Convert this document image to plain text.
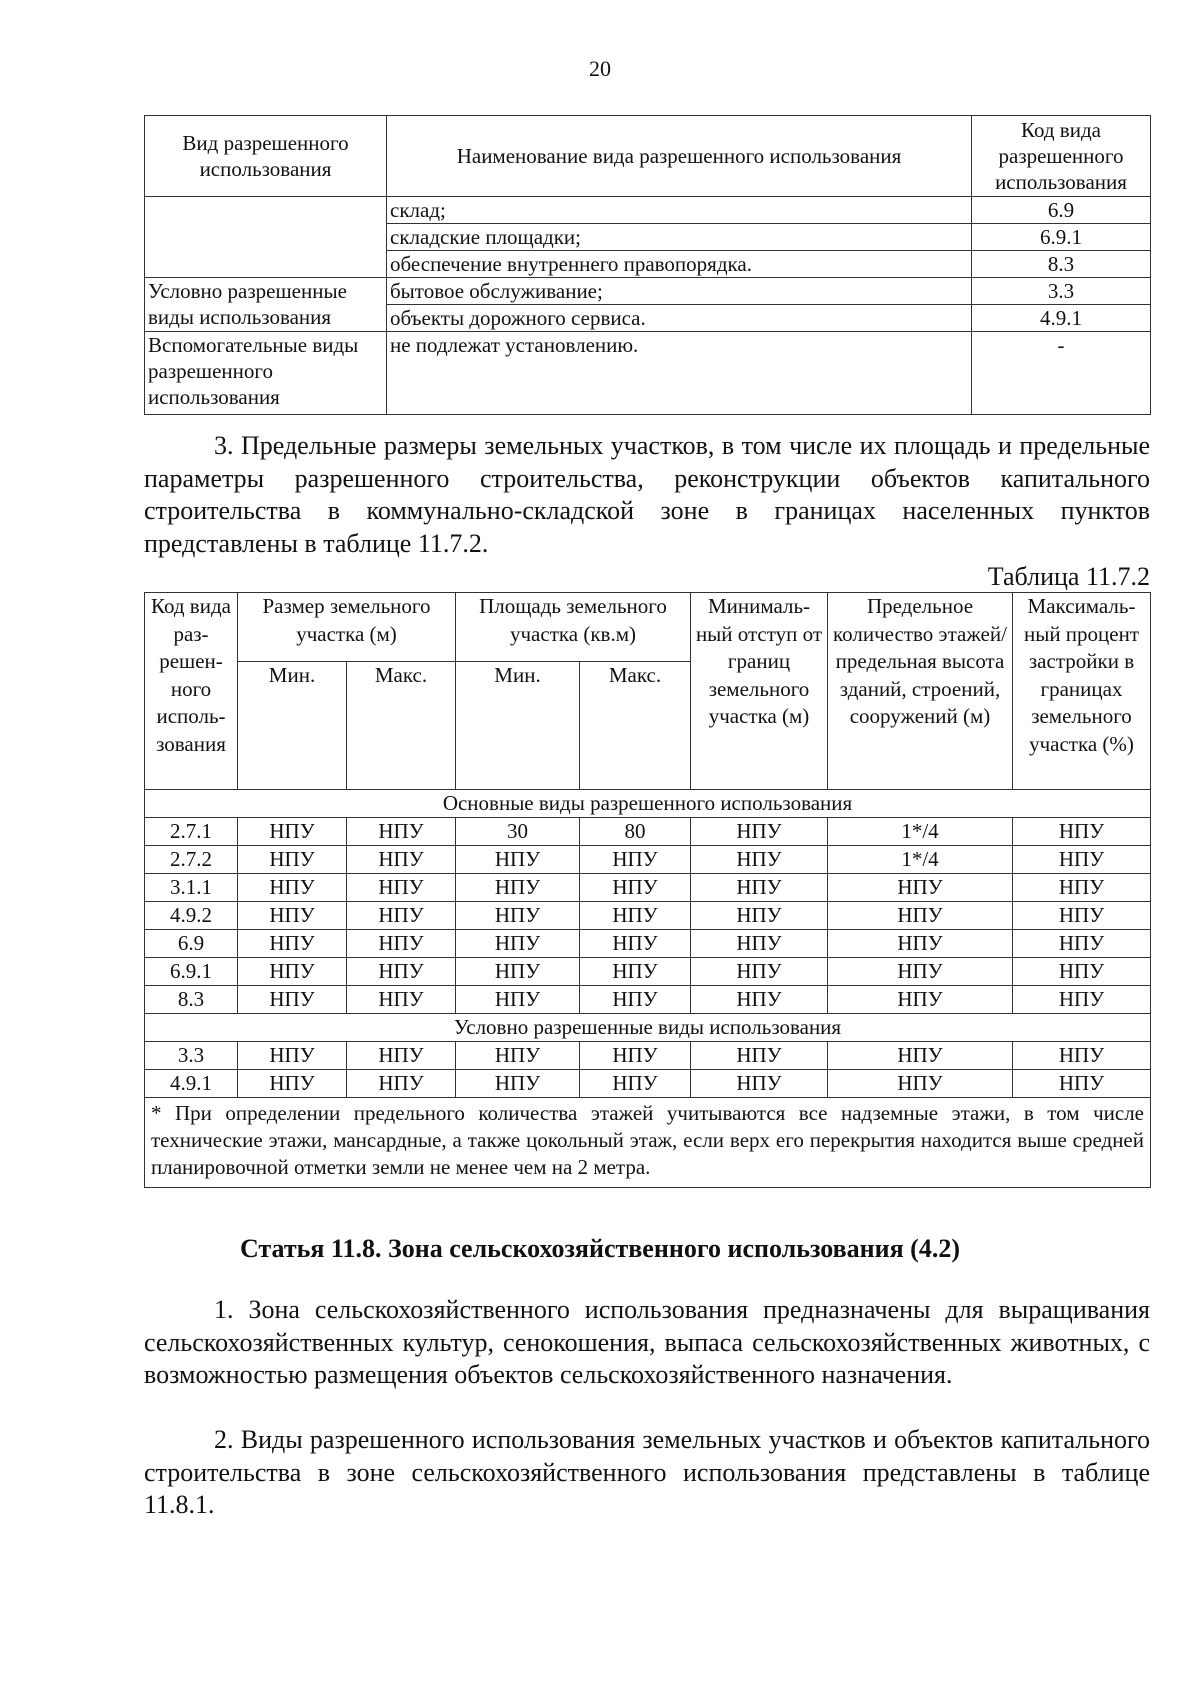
20
Вид разрешенного использования	Наименование вида разрешенного использования	Код вида разрешенного использования
	склад;	6.9
	складские площадки;	6.9.1
	обеспечение внутреннего правопорядка.	8.3
Условно разрешенные виды использования	бытовое обслуживание;	3.3
	объекты дорожного сервиса.	4.9.1
Вспомогательные виды разрешенного использования	не подлежат установлению.	-
3. Предельные размеры земельных участков, в том числе их площадь и предельные параметры разрешенного строительства, реконструкции объектов капитального строительства в коммунально-складской зоне в границах населенных пунктов представлены в таблице 11.7.2.
Таблица 11.7.2
Код вида раз-решен-ного исполь-зования	Размер земельного участка (м)		Площадь земельного участка (кв.м)		Минималь-ный отступ от границ земельного участка (м)	Предельное количество этажей/ предельная высота зданий, строений, сооружений (м)	Максималь-ный процент застройки в границах земельного участка (%)
	Мин.	Макс.	Мин.	Макс.			
Основные виды разрешенного использования							
2.7.1	НПУ	НПУ	30	80	НПУ	1*/4	НПУ
2.7.2	НПУ	НПУ	НПУ	НПУ	НПУ	1*/4	НПУ
3.1.1	НПУ	НПУ	НПУ	НПУ	НПУ	НПУ	НПУ
4.9.2	НПУ	НПУ	НПУ	НПУ	НПУ	НПУ	НПУ
6.9	НПУ	НПУ	НПУ	НПУ	НПУ	НПУ	НПУ
6.9.1	НПУ	НПУ	НПУ	НПУ	НПУ	НПУ	НПУ
8.3	НПУ	НПУ	НПУ	НПУ	НПУ	НПУ	НПУ
Условно разрешенные виды использования							
3.3	НПУ	НПУ	НПУ	НПУ	НПУ	НПУ	НПУ
4.9.1	НПУ	НПУ	НПУ	НПУ	НПУ	НПУ	НПУ
* При определении предельного количества этажей учитываются все надземные этажи, в том числе технические этажи, мансардные, а также цокольный этаж, если верх его перекрытия находится выше средней планировочной отметки земли не менее чем на 2 метра.							
Статья 11.8. Зона сельскохозяйственного использования (4.2)
1. Зона сельскохозяйственного использования предназначены для выращивания сельскохозяйственных культур, сенокошения, выпаса сельскохозяйственных животных, с возможностью размещения объектов сельскохозяйственного назначения.
2. Виды разрешенного использования земельных участков и объектов капитального строительства в зоне сельскохозяйственного использования представлены в таблице 11.8.1.
